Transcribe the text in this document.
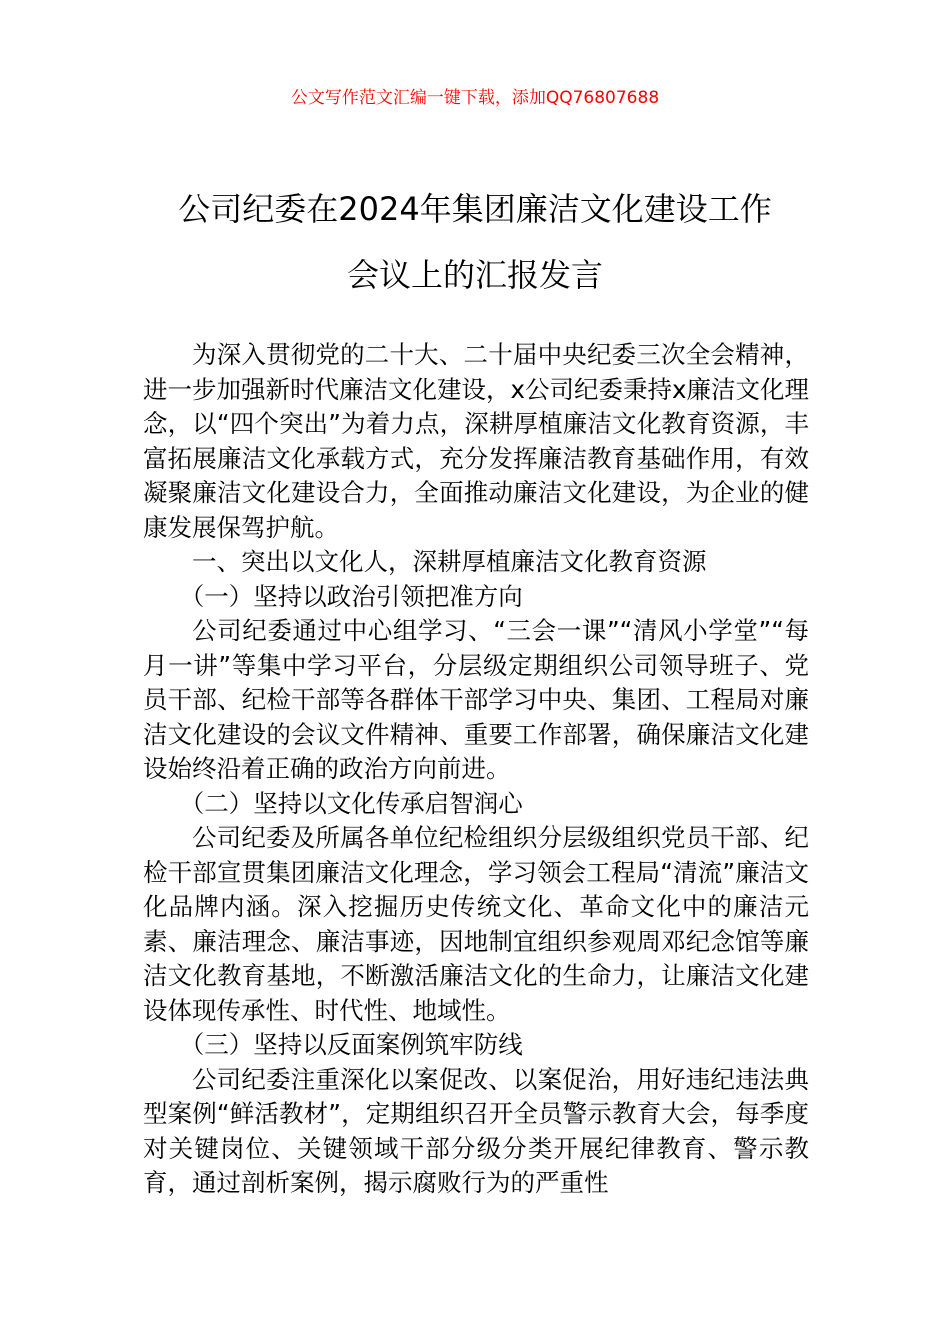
公文写作范文汇编一键下载，添加QQ76807688
公司纪委在2024年集团廉洁文化建设工作
会议上的汇报发言

为深入贯彻党的二十大、二十届中央纪委三次全会精神，进一步加强新时代廉洁文化建设，x公司纪委秉持x廉洁文化理念，以“四个突出”为着力点，深耕厚植廉洁文化教育资源，丰富拓展廉洁文化承载方式，充分发挥廉洁教育基础作用，有效凝聚廉洁文化建设合力，全面推动廉洁文化建设，为企业的健康发展保驾护航。

一、突出以文化人，深耕厚植廉洁文化教育资源

（一）坚持以政治引领把准方向

公司纪委通过中心组学习、“三会一课”“清风小学堂”“每月一讲”等集中学习平台，分层级定期组织公司领导班子、党员干部、纪检干部等各群体干部学习中央、集团、工程局对廉洁文化建设的会议文件精神、重要工作部署，确保廉洁文化建设始终沿着正确的政治方向前进。

（二）坚持以文化传承启智润心

公司纪委及所属各单位纪检组织分层级组织党员干部、纪检干部宣贯集团廉洁文化理念，学习领会工程局“清流”廉洁文化品牌内涵。深入挖掘历史传统文化、革命文化中的廉洁元素、廉洁理念、廉洁事迹，因地制宜组织参观周邓纪念馆等廉洁文化教育基地，不断激活廉洁文化的生命力，让廉洁文化建设体现传承性、时代性、地域性。

（三）坚持以反面案例筑牢防线

公司纪委注重深化以案促改、以案促治，用好违纪违法典型案例“鲜活教材”，定期组织召开全员警示教育大会，每季度对关键岗位、关键领域干部分级分类开展纪律教育、警示教育，通过剖析案例，揭示腐败行为的严重性
